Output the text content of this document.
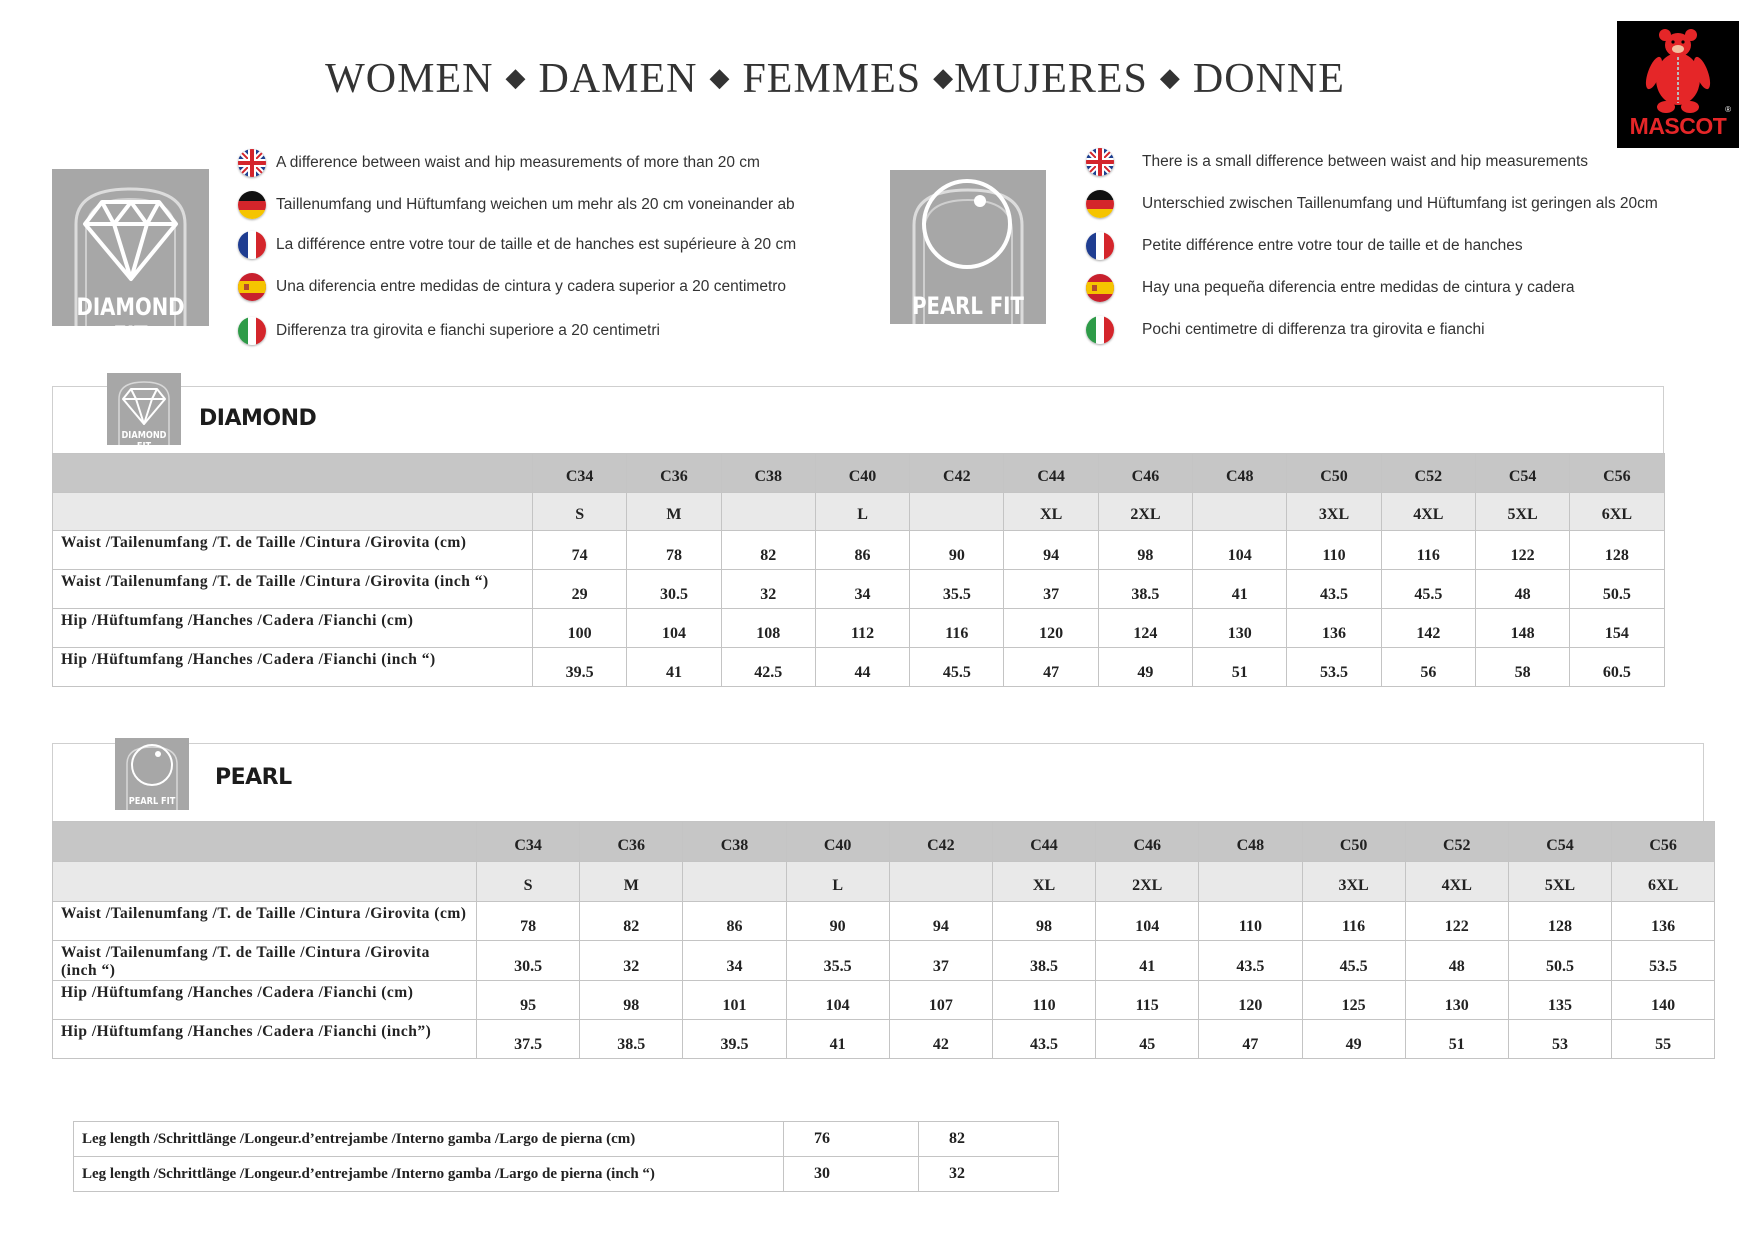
WOMEN ◆ DAMEN ◆ FEMMES ◆MUJERES ◆ DONNE
MASCOT
®
DIAMOND FIT
A difference between waist and hip measurements of more than 20 cm
Taillenumfang und Hüftumfang weichen um mehr als 20 cm voneinander ab
La différence entre votre tour de taille et de hanches est supérieure à 20 cm
Una diferencia entre medidas de cintura y cadera superior a 20 centimetro
Differenza tra girovita e fianchi superiore a 20 centimetri
PEARL FIT
There is a small difference between waist and hip measurements
Unterschied zwischen Taillenumfang und Hüftumfang ist geringen als 20cm
Petite différence entre votre tour de taille et de hanches
Hay una pequeña diferencia entre medidas de cintura y cadera
Pochi centimetre di differenza tra girovita e fianchi
DIAMOND FIT
DIAMOND
	C34	C36	C38	C40	C42	C44	C46	C48	C50	C52	C54	C56
	S	M		L		XL	2XL		3XL	4XL	5XL	6XL
Waist /Tailenumfang /T. de Taille /Cintura /Girovita (cm)	74	78	82	86	90	94	98	104	110	116	122	128
Waist /Tailenumfang /T. de Taille /Cintura /Girovita (inch “)	29	30.5	32	34	35.5	37	38.5	41	43.5	45.5	48	50.5
Hip /Hüftumfang /Hanches /Cadera /Fianchi (cm)	100	104	108	112	116	120	124	130	136	142	148	154
Hip /Hüftumfang /Hanches /Cadera /Fianchi (inch “)	39.5	41	42.5	44	45.5	47	49	51	53.5	56	58	60.5
PEARL FIT
PEARL
	C34	C36	C38	C40	C42	C44	C46	C48	C50	C52	C54	C56
	S	M		L		XL	2XL		3XL	4XL	5XL	6XL
Waist /Tailenumfang /T. de Taille /Cintura /Girovita (cm)	78	82	86	90	94	98	104	110	116	122	128	136
Waist /Tailenumfang /T. de Taille /Cintura /Girovita (inch “)	30.5	32	34	35.5	37	38.5	41	43.5	45.5	48	50.5	53.5
Hip /Hüftumfang /Hanches /Cadera /Fianchi (cm)	95	98	101	104	107	110	115	120	125	130	135	140
Hip /Hüftumfang /Hanches /Cadera /Fianchi (inch”)	37.5	38.5	39.5	41	42	43.5	45	47	49	51	53	55
Leg length /Schrittlänge /Longeur.d’entrejambe /Interno gamba /Largo de pierna (cm)	76	82
Leg length /Schrittlänge /Longeur.d’entrejambe /Interno gamba /Largo de pierna (inch “)	30	32
